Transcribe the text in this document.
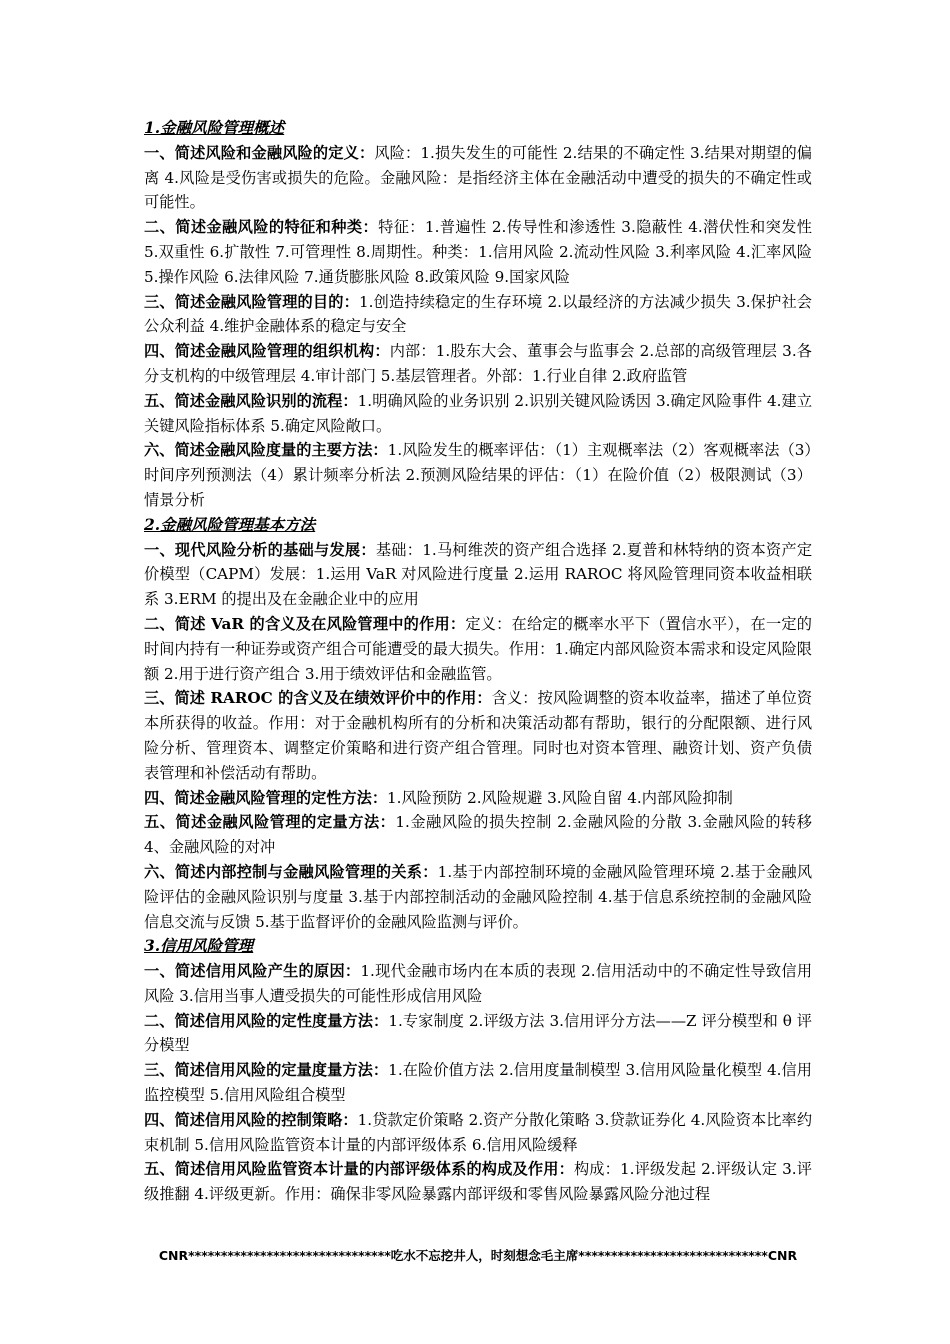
1.金融风险管理概述

一、简述风险和金融风险的定义：风险：1.损失发生的可能性 2.结果的不确定性 3.结果对期望的偏离 4.风险是受伤害或损失的危险。金融风险：是指经济主体在金融活动中遭受的损失的不确定性或可能性。

二、简述金融风险的特征和种类：特征：1.普遍性 2.传导性和渗透性 3.隐蔽性 4.潜伏性和突发性 5.双重性 6.扩散性 7.可管理性 8.周期性。种类：1.信用风险 2.流动性风险 3.利率风险 4.汇率风险 5.操作风险 6.法律风险 7.通货膨胀风险 8.政策风险 9.国家风险

三、简述金融风险管理的目的：1.创造持续稳定的生存环境 2.以最经济的方法减少损失 3.保护社会公众利益 4.维护金融体系的稳定与安全

四、简述金融风险管理的组织机构：内部：1.股东大会、董事会与监事会 2.总部的高级管理层 3.各分支机构的中级管理层 4.审计部门 5.基层管理者。外部：1.行业自律 2.政府监管

五、简述金融风险识别的流程：1.明确风险的业务识别 2.识别关键风险诱因 3.确定风险事件 4.建立关键风险指标体系 5.确定风险敞口。

六、简述金融风险度量的主要方法：1.风险发生的概率评估：（1）主观概率法（2）客观概率法（3）时间序列预测法（4）累计频率分析法 2.预测风险结果的评估：（1）在险价值（2）极限测试（3）情景分析

2.金融风险管理基本方法

一、现代风险分析的基础与发展：基础：1.马柯维茨的资产组合选择 2.夏普和林特纳的资本资产定价模型（CAPM）发展：1.运用 VaR 对风险进行度量 2.运用 RAROC 将风险管理同资本收益相联系 3.ERM 的提出及在金融企业中的应用

二、简述 VaR 的含义及在风险管理中的作用：定义：在给定的概率水平下（置信水平），在一定的时间内持有一种证券或资产组合可能遭受的最大损失。作用：1.确定内部风险资本需求和设定风险限额 2.用于进行资产组合 3.用于绩效评估和金融监管。

三、简述 RAROC 的含义及在绩效评价中的作用：含义：按风险调整的资本收益率，描述了单位资本所获得的收益。作用：对于金融机构所有的分析和决策活动都有帮助，银行的分配限额、进行风险分析、管理资本、调整定价策略和进行资产组合管理。同时也对资本管理、融资计划、资产负债表管理和补偿活动有帮助。

四、简述金融风险管理的定性方法：1.风险预防 2.风险规避 3.风险自留 4.内部风险抑制

五、简述金融风险管理的定量方法：1.金融风险的损失控制 2.金融风险的分散 3.金融风险的转移 4、金融风险的对冲

六、简述内部控制与金融风险管理的关系：1.基于内部控制环境的金融风险管理环境 2.基于金融风险评估的金融风险识别与度量 3.基于内部控制活动的金融风险控制 4.基于信息系统控制的金融风险信息交流与反馈 5.基于监督评价的金融风险监测与评价。

3.信用风险管理

一、简述信用风险产生的原因：1.现代金融市场内在本质的表现 2.信用活动中的不确定性导致信用风险 3.信用当事人遭受损失的可能性形成信用风险

二、简述信用风险的定性度量方法：1.专家制度 2.评级方法 3.信用评分方法——Z 评分模型和 θ 评分模型

三、简述信用风险的定量度量方法：1.在险价值方法 2.信用度量制模型 3.信用风险量化模型 4.信用监控模型 5.信用风险组合模型

四、简述信用风险的控制策略：1.贷款定价策略 2.资产分散化策略 3.贷款证券化 4.风险资本比率约束机制 5.信用风险监管资本计量的内部评级体系 6.信用风险缓释

五、简述信用风险监管资本计量的内部评级体系的构成及作用：构成：1.评级发起 2.评级认定 3.评级推翻 4.评级更新。作用：确保非零风险暴露内部评级和零售风险暴露风险分池过程

CNR*******************************吃水不忘挖井人，时刻想念毛主席*****************************CNR
